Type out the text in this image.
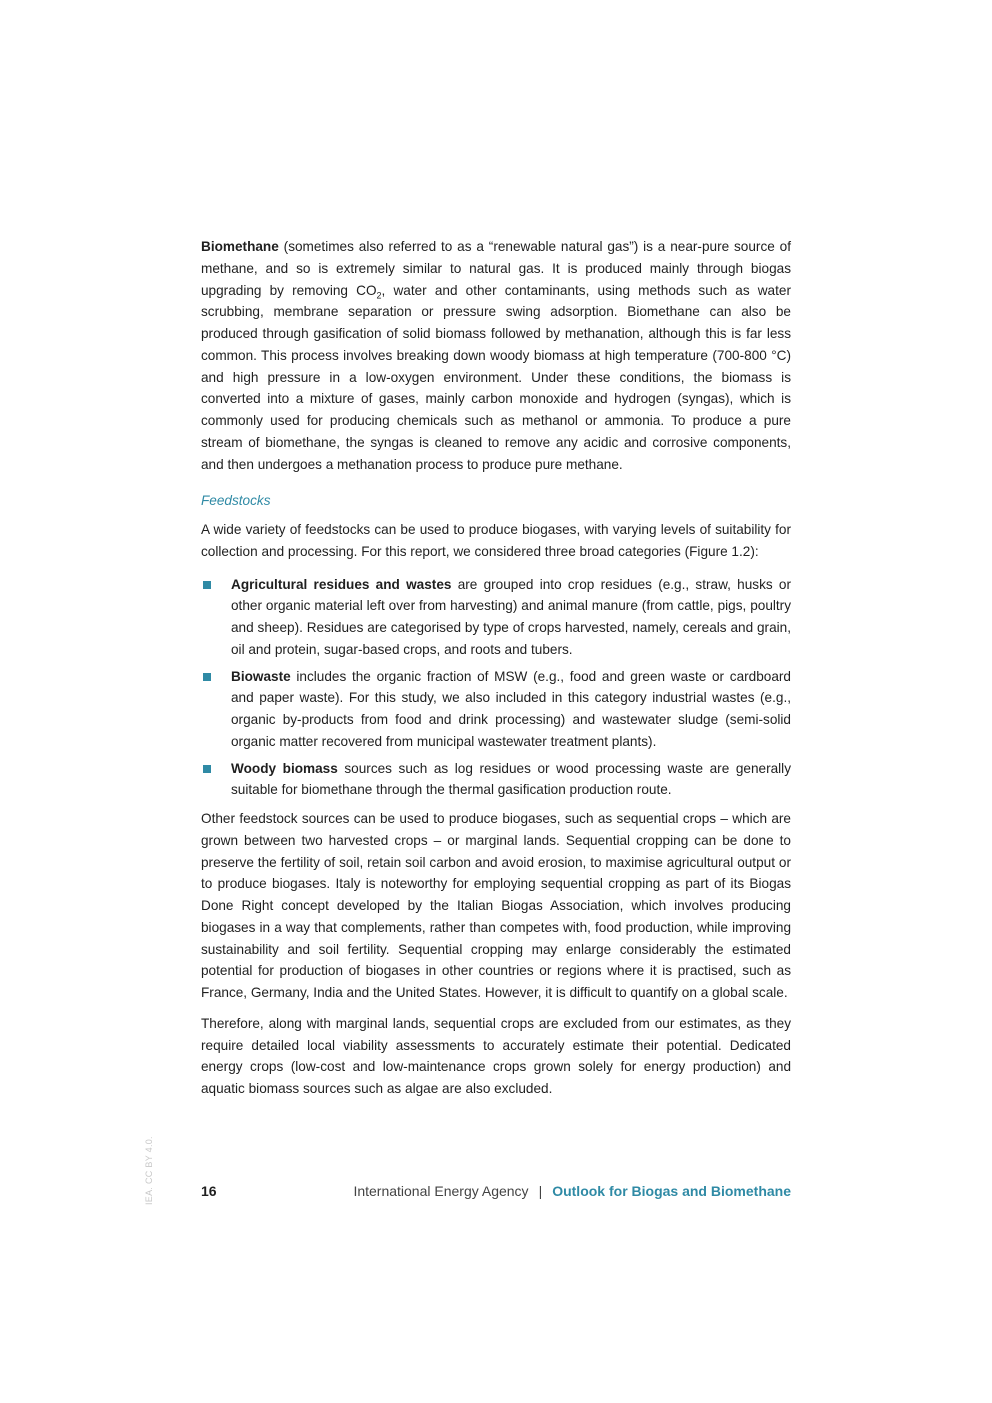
Biomethane (sometimes also referred to as a “renewable natural gas”) is a near-pure source of methane, and so is extremely similar to natural gas. It is produced mainly through biogas upgrading by removing $CO_2$, water and other contaminants, using methods such as water scrubbing, membrane separation or pressure swing adsorption. Biomethane can also be produced through gasification of solid biomass followed by methanation, although this is far less common. This process involves breaking down woody biomass at high temperature (700-800 °C) and high pressure in a low-oxygen environment. Under these conditions, the biomass is converted into a mixture of gases, mainly carbon monoxide and hydrogen (syngas), which is commonly used for producing chemicals such as methanol or ammonia. To produce a pure stream of biomethane, the syngas is cleaned to remove any acidic and corrosive components, and then undergoes a methanation process to produce pure methane.

Feedstocks

A wide variety of feedstocks can be used to produce biogases, with varying levels of suitability for collection and processing. For this report, we considered three broad categories (Figure 1.2):

Agricultural residues and wastes are grouped into crop residues (e.g., straw, husks or other organic material left over from harvesting) and animal manure (from cattle, pigs, poultry and sheep). Residues are categorised by type of crops harvested, namely, cereals and grain, oil and protein, sugar-based crops, and roots and tubers.
Biowaste includes the organic fraction of MSW (e.g., food and green waste or cardboard and paper waste). For this study, we also included in this category industrial wastes (e.g., organic by-products from food and drink processing) and wastewater sludge (semi-solid organic matter recovered from municipal wastewater treatment plants).
Woody biomass sources such as log residues or wood processing waste are generally suitable for biomethane through the thermal gasification production route.

Other feedstock sources can be used to produce biogases, such as sequential crops – which are grown between two harvested crops – or marginal lands. Sequential cropping can be done to preserve the fertility of soil, retain soil carbon and avoid erosion, to maximise agricultural output or to produce biogases. Italy is noteworthy for employing sequential cropping as part of its Biogas Done Right concept developed by the Italian Biogas Association, which involves producing biogases in a way that complements, rather than competes with, food production, while improving sustainability and soil fertility. Sequential cropping may enlarge considerably the estimated potential for production of biogases in other countries or regions where it is practised, such as France, Germany, India and the United States. However, it is difficult to quantify on a global scale.

Therefore, along with marginal lands, sequential crops are excluded from our estimates, as they require detailed local viability assessments to accurately estimate their potential. Dedicated energy crops (low-cost and low-maintenance crops grown solely for energy production) and aquatic biomass sources such as algae are also excluded.

IEA. CC BY 4.0.	16	International Energy Agency | Outlook for Biogas and Biomethane
